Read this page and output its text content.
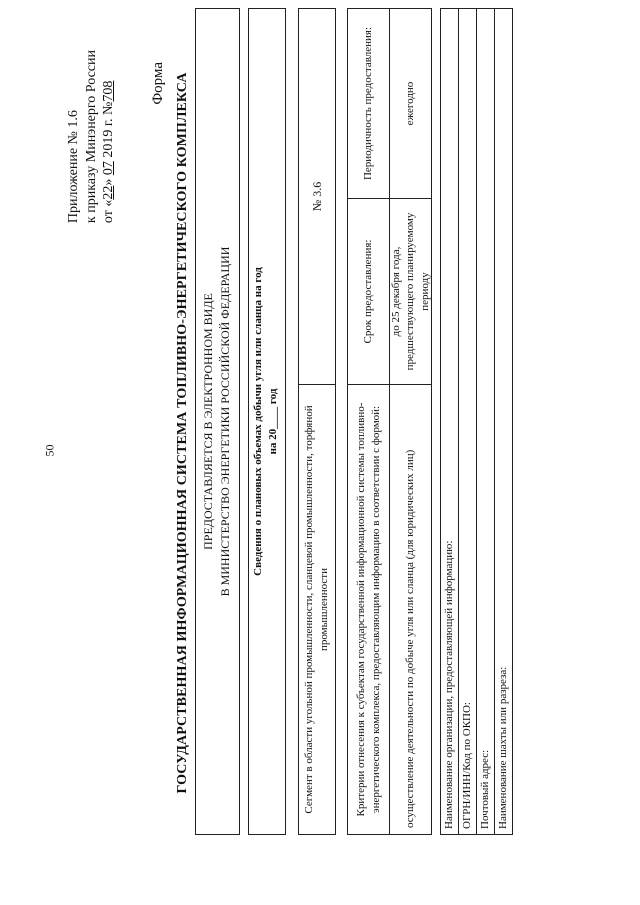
50
Приложение № 1.6 к приказу Минэнерго России от «22» 07 2019 г. №708 Форма ГОСУДАРСТВЕННАЯ ИНФОРМАЦИОННАЯ СИСТЕМА ТОПЛИВНО-ЭНЕРГЕТИЧЕСКОГО КОМПЛЕКСА ПРЕДОСТАВЛЯЕТСЯ В ЭЛЕКТРОННОМ ВИДЕ В МИНИСТЕРСТВО ЭНЕРГЕТИКИ РОССИЙСКОЙ ФЕДЕРАЦИИ Сведения о плановых объемах добычи угля или сланца на год на 20____ год	Сегмент в области угольной промышленности, сланцевой промышленности, торфяной промышленности
№ 3.6
Критерии отнесения к субъектам государственной информационной системы топливно-энергетического комплекса, предоставляющим информацию в соответствии с формой:
Срок предоставления:
Периодичность предоставления:
осуществление деятельности по добыче угля или сланца (для юридических лиц)
до 25 декабря года, предшествующего планируемому периоду
ежегодно
Наименование организации, предоставляющей информацию: ОГРН/ИНН/Код по ОКПО: Почтовый адрес: Наименование шахты или разреза:
